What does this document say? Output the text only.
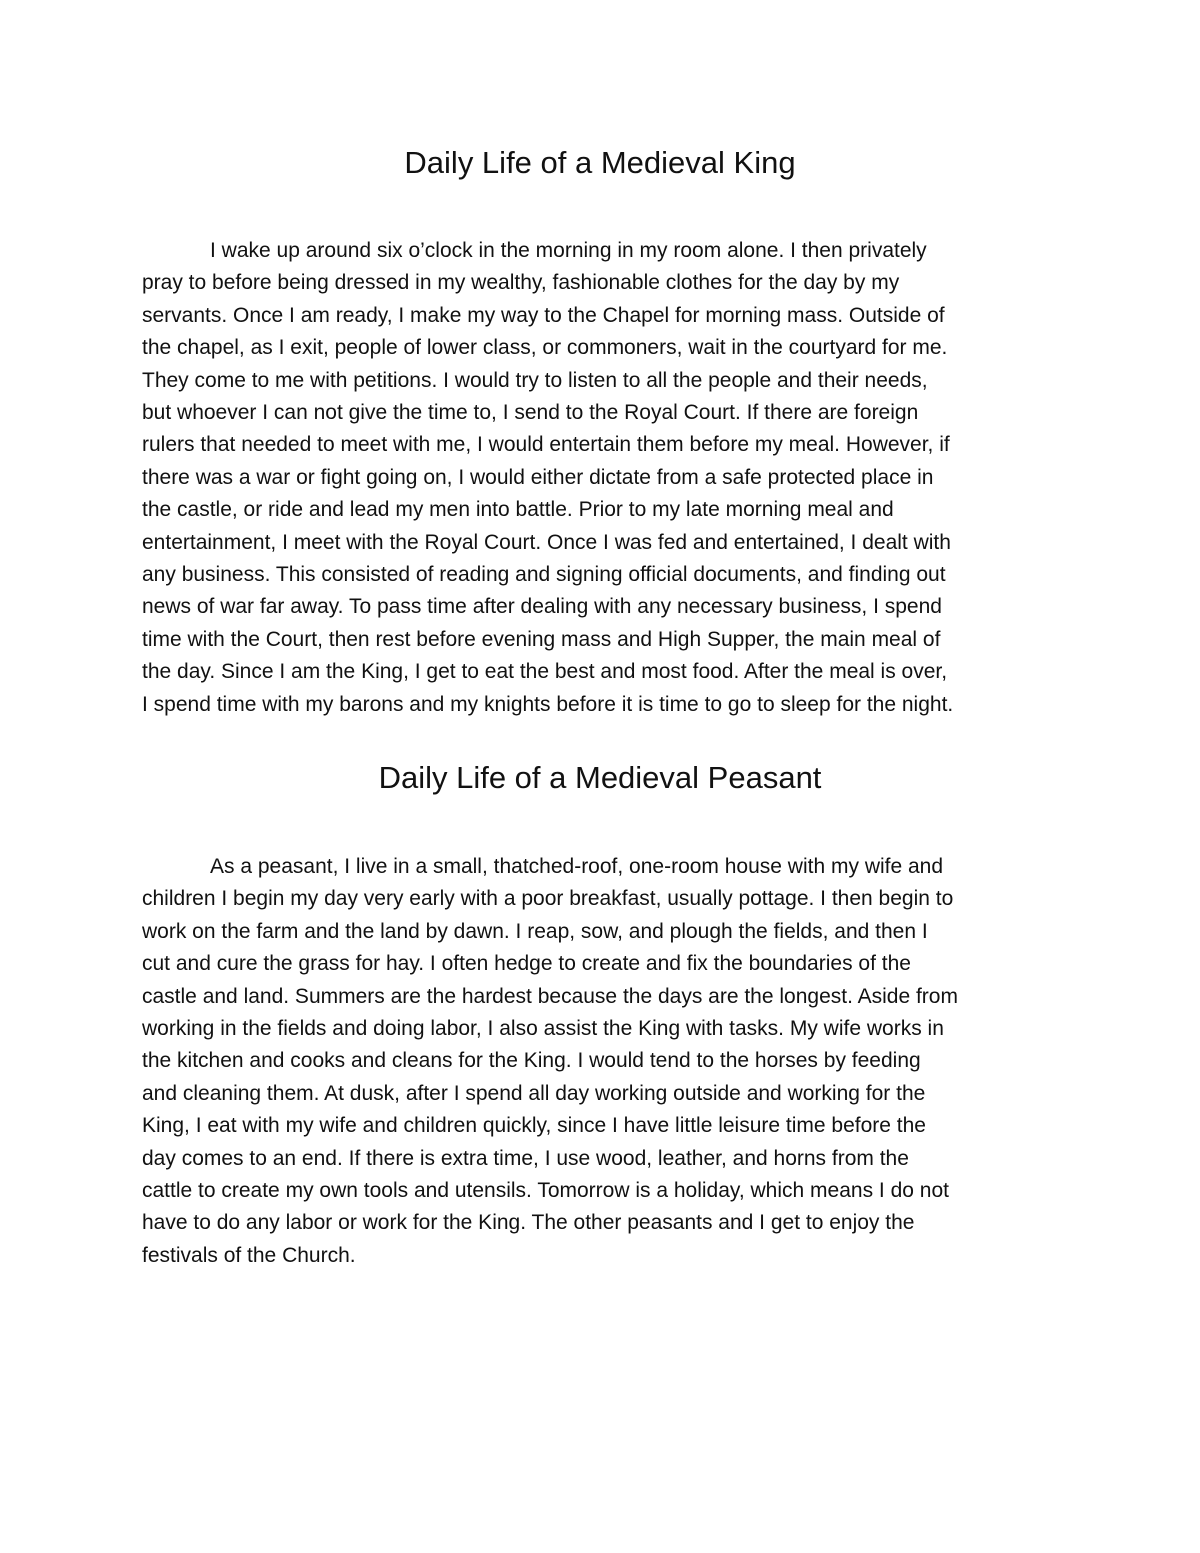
Daily Life of a Medieval King
I wake up around six o’clock in the morning in my room alone. I then privately
pray to before being dressed in my wealthy, fashionable clothes for the day by my
servants. Once I am ready, I make my way to the Chapel for morning mass. Outside of
the chapel, as I exit, people of lower class, or commoners, wait in the courtyard for me.
They come to me with petitions. I would try to listen to all the people and their needs,
but whoever I can not give the time to, I send to the Royal Court. If there are foreign
rulers that needed to meet with me, I would entertain them before my meal. However, if
there was a war or fight going on, I would either dictate from a safe protected place in
the castle, or ride and lead my men into battle. Prior to my late morning meal and
entertainment, I meet with the Royal Court. Once I was fed and entertained, I dealt with
any business. This consisted of reading and signing official documents, and finding out
news of war far away. To pass time after dealing with any necessary business, I spend
time with the Court, then rest before evening mass and High Supper, the main meal of
the day. Since I am the King, I get to eat the best and most food. After the meal is over,
I spend time with my barons and my knights before it is time to go to sleep for the night.
Daily Life of a Medieval Peasant
As a peasant, I live in a small, thatched-roof, one-room house with my wife and
children I begin my day very early with a poor breakfast, usually pottage. I then begin to
work on the farm and the land by dawn. I reap, sow, and plough the fields, and then I
cut and cure the grass for hay. I often hedge to create and fix the boundaries of the
castle and land. Summers are the hardest because the days are the longest. Aside from
working in the fields and doing labor, I also assist the King with tasks. My wife works in
the kitchen and cooks and cleans for the King. I would tend to the horses by feeding
and cleaning them. At dusk, after I spend all day working outside and working for the
King, I eat with my wife and children quickly, since I have little leisure time before the
day comes to an end. If there is extra time, I use wood, leather, and horns from the
cattle to create my own tools and utensils. Tomorrow is a holiday, which means I do not
have to do any labor or work for the King. The other peasants and I get to enjoy the
festivals of the Church.
